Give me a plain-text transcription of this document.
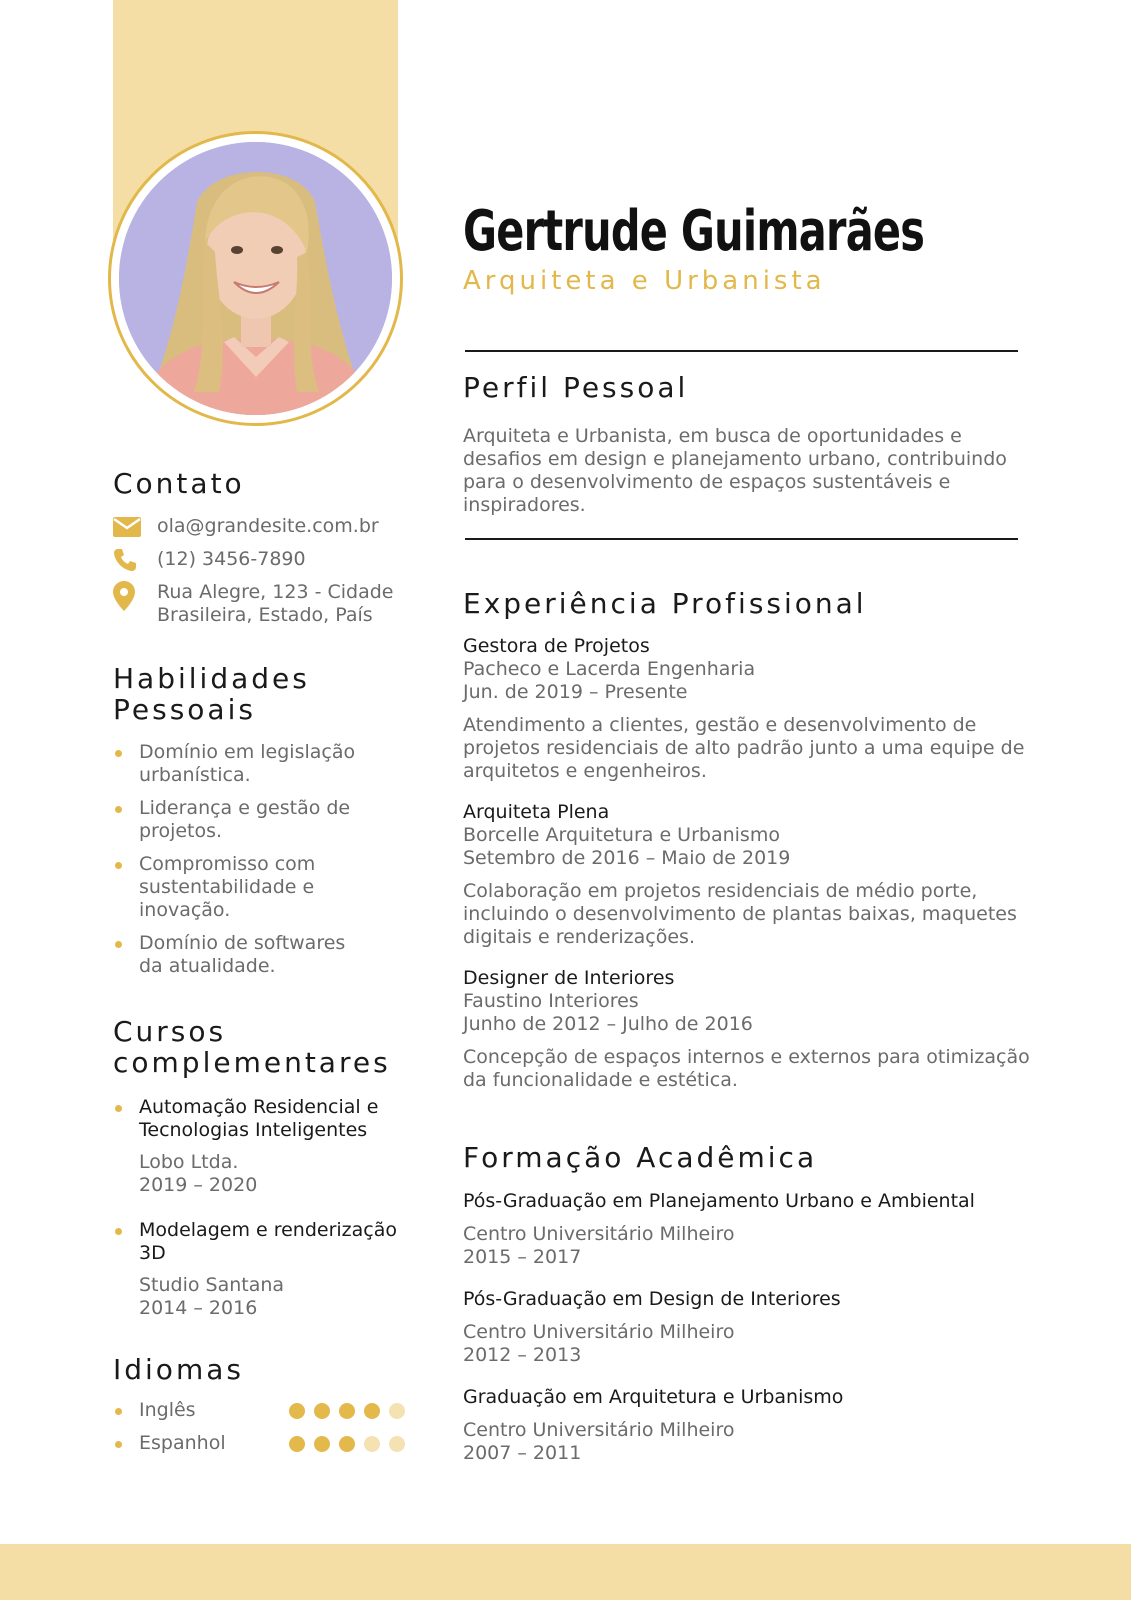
Contato
ola@grandesite.com.br
(12) 3456-7890
Rua Alegre, 123 - Cidade Brasileira, Estado, País
Habilidades Pessoais
Domínio em legislação urbanística.
Liderança e gestão de projetos.
Compromisso com sustentabilidade e inovação.
Domínio de softwares da atualidade.
Cursos complementares
Automação Residencial e Tecnologias Inteligentes
Lobo Ltda.
2019 – 2020
Modelagem e renderização 3D
Studio Santana
2014 – 2016
Idiomas
Inglês
Espanhol
Gertrude Guimarães
Arquiteta e Urbanista
Perfil Pessoal

Arquiteta e Urbanista, em busca de oportunidades e desafios em design e planejamento urbano, contribuindo para o desenvolvimento de espaços sustentáveis e inspiradores.

Experiência Profissional
Gestora de Projetos
Pacheco e Lacerda Engenharia
Jun. de 2019 – Presente
Atendimento a clientes, gestão e desenvolvimento de projetos residenciais de alto padrão junto a uma equipe de arquitetos e engenheiros.
Arquiteta Plena
Borcelle Arquitetura e Urbanismo
Setembro de 2016 – Maio de 2019
Colaboração em projetos residenciais de médio porte, incluindo o desenvolvimento de plantas baixas, maquetes digitais e renderizações.
Designer de Interiores
Faustino Interiores
Junho de 2012 – Julho de 2016
Concepção de espaços internos e externos para otimização da funcionalidade e estética.
Formação Acadêmica
Pós-Graduação em Planejamento Urbano e Ambiental
Centro Universitário Milheiro
2015 – 2017
Pós-Graduação em Design de Interiores
Centro Universitário Milheiro
2012 – 2013
Graduação em Arquitetura e Urbanismo
Centro Universitário Milheiro
2007 – 2011
